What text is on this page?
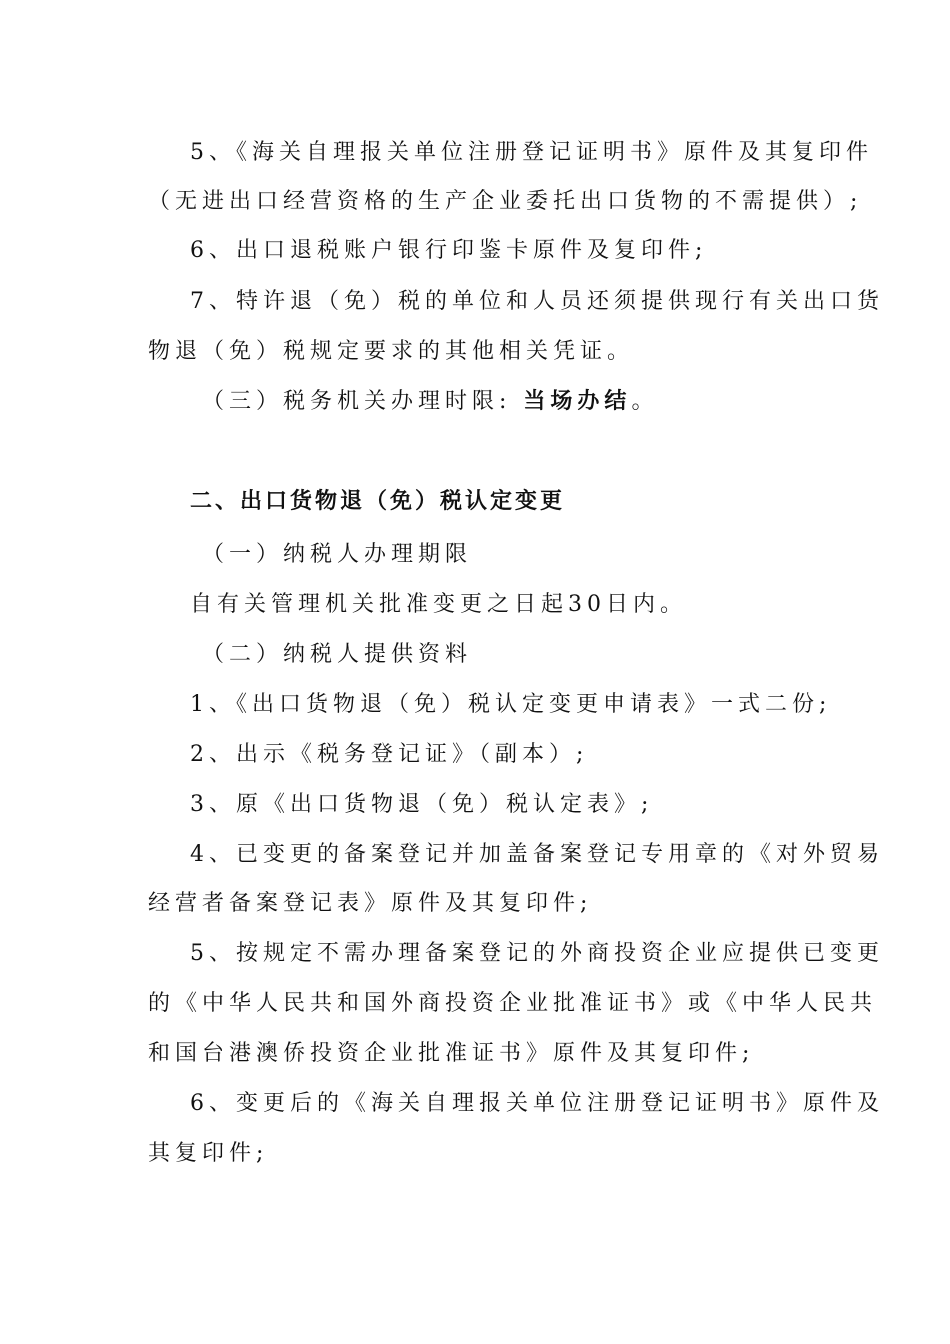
5、《海关自理报关单位注册登记证明书》原件及其复印件
（无进出口经营资格的生产企业委托出口货物的不需提供）;
6、出口退税账户银行印鉴卡原件及复印件;
7、特许退（免）税的单位和人员还须提供现行有关出口货
物退（免）税规定要求的其他相关凭证。
（三）税务机关办理时限: 当场办结。
二、出口货物退（免）税认定变更
（一）纳税人办理期限
自有关管理机关批准变更之日起30日内。
（二）纳税人提供资料
1、《出口货物退（免）税认定变更申请表》一式二份;
2、出示《税务登记证》（副本）;
3、原《出口货物退（免）税认定表》;
4、已变更的备案登记并加盖备案登记专用章的《对外贸易
经营者备案登记表》原件及其复印件;
5、按规定不需办理备案登记的外商投资企业应提供已变更
的《中华人民共和国外商投资企业批准证书》或《中华人民共
和国台港澳侨投资企业批准证书》原件及其复印件;
6、变更后的《海关自理报关单位注册登记证明书》原件及
其复印件;
